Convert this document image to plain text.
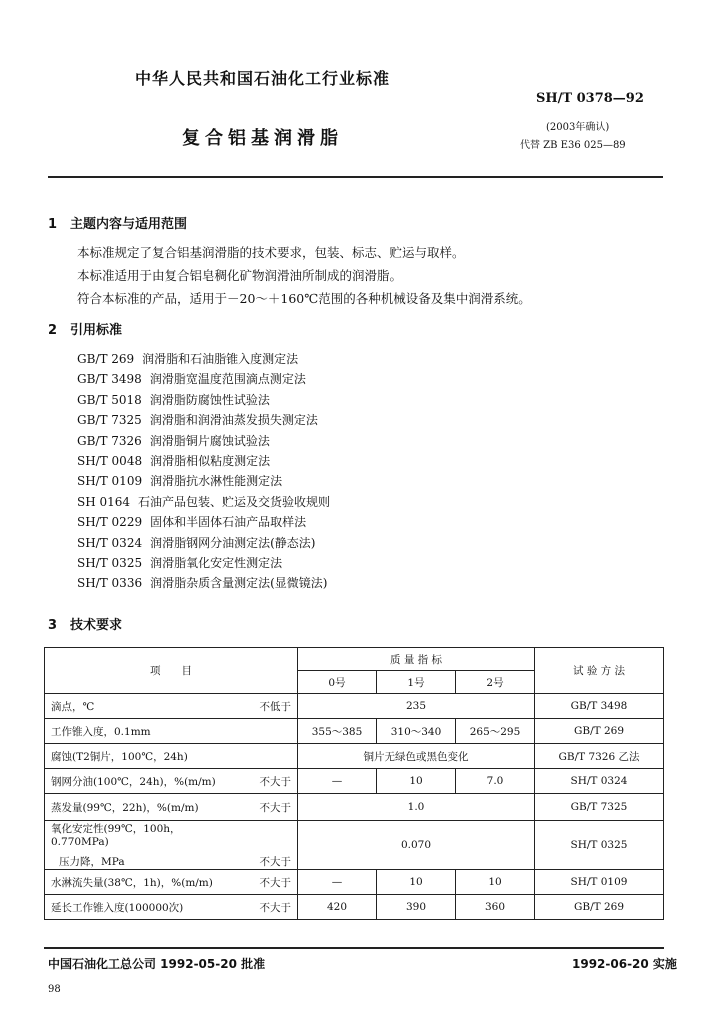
中华人民共和国石油化工行业标准
SH/T 0378—92
复合铝基润滑脂
(2003年确认)
代替 ZB E36 025—89
1　主题内容与适用范围
本标准规定了复合铝基润滑脂的技术要求，包装、标志、贮运与取样。
本标准适用于由复合铝皂稠化矿物润滑油所制成的润滑脂。
符合本标准的产品，适用于－20～＋160℃范围的各种机械设备及集中润滑系统。
2　引用标准
GB/T 269 润滑脂和石油脂锥入度测定法
GB/T 3498 润滑脂宽温度范围滴点测定法
GB/T 5018 润滑脂防腐蚀性试验法
GB/T 7325 润滑脂和润滑油蒸发损失测定法
GB/T 7326 润滑脂铜片腐蚀试验法
SH/T 0048 润滑脂相似粘度测定法
SH/T 0109 润滑脂抗水淋性能测定法
SH 0164 石油产品包装、贮运及交货验收规则
SH/T 0229 固体和半固体石油产品取样法
SH/T 0324 润滑脂钢网分油测定法(静态法)
SH/T 0325 润滑脂氧化安定性测定法
SH/T 0336 润滑脂杂质含量测定法(显微镜法)
3　技术要求
项　　目		质 量 指 标			试 验 方 法
		0号	1号	2号	

滴点，℃	不低于	235			GB/T 3498

工作锥入度，0.1mm		355～385	310～340	265～295	GB/T 269

腐蚀(T2铜片，100℃，24h)		铜片无绿色或黑色变化			GB/T 7326 乙法

钢网分油(100℃，24h)，%(m/m)	不大于	—	10	7.0	SH/T 0324

蒸发量(99℃，22h)，%(m/m)	不大于	1.0			GB/T 7325

氧化安定性(99℃，100h，0.770MPa)
压力降，MPa	不大于	0.070			SH/T 0325

水淋流失量(38℃，1h)，%(m/m)	不大于	—	10	10	SH/T 0109

延长工作锥入度(100000次)	不大于	420	390	360	GB/T 269
中国石油化工总公司 1992-05-20 批准	1992-06-20 实施
98
